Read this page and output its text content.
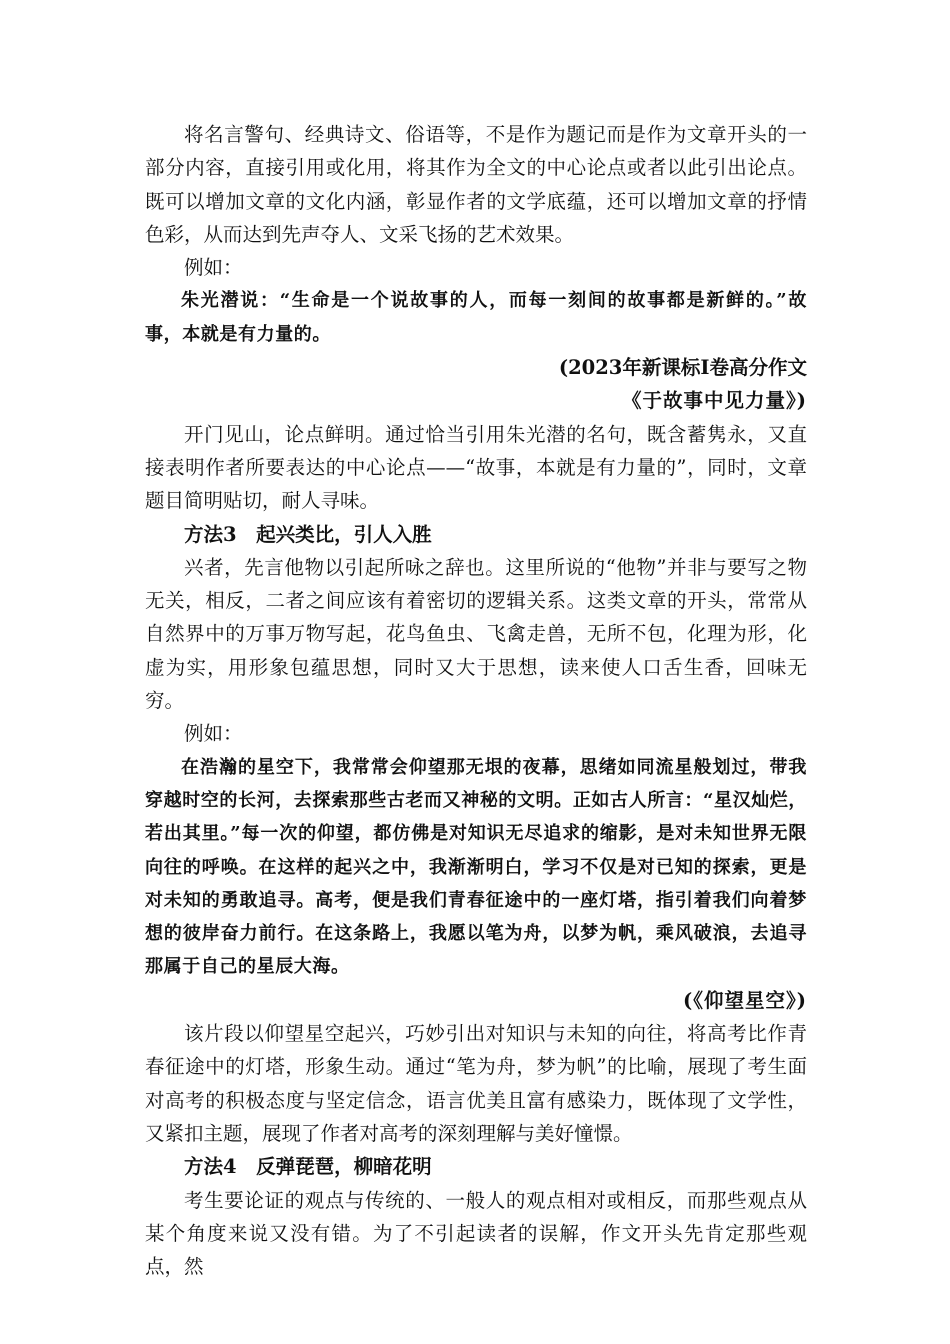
将名言警句、经典诗文、俗语等，不是作为题记而是作为文章开头的一部分内容，直接引用或化用，将其作为全文的中心论点或者以此引出论点。既可以增加文章的文化内涵，彰显作者的文学底蕴，还可以增加文章的抒情色彩，从而达到先声夺人、文采飞扬的艺术效果。

例如：

朱光潜说：“生命是一个说故事的人，而每一刻间的故事都是新鲜的。”故事，本就是有力量的。

(2023年新课标Ⅰ卷高分作文

《于故事中见力量》)

开门见山，论点鲜明。通过恰当引用朱光潜的名句，既含蓄隽永，又直接表明作者所要表达的中心论点——“故事，本就是有力量的”，同时，文章题目简明贴切，耐人寻味。

方法3 起兴类比，引人入胜

兴者，先言他物以引起所咏之辞也。这里所说的“他物”并非与要写之物无关，相反，二者之间应该有着密切的逻辑关系。这类文章的开头，常常从自然界中的万事万物写起，花鸟鱼虫、飞禽走兽，无所不包，化理为形，化虚为实，用形象包蕴思想，同时又大于思想，读来使人口舌生香，回味无穷。

例如：

在浩瀚的星空下，我常常会仰望那无垠的夜幕，思绪如同流星般划过，带我穿越时空的长河，去探索那些古老而又神秘的文明。正如古人所言：“星汉灿烂，若出其里。”每一次的仰望，都仿佛是对知识无尽追求的缩影，是对未知世界无限向往的呼唤。在这样的起兴之中，我渐渐明白，学习不仅是对已知的探索，更是对未知的勇敢追寻。高考，便是我们青春征途中的一座灯塔，指引着我们向着梦想的彼岸奋力前行。在这条路上，我愿以笔为舟，以梦为帆，乘风破浪，去追寻那属于自己的星辰大海。

(《仰望星空》)

该片段以仰望星空起兴，巧妙引出对知识与未知的向往，将高考比作青春征途中的灯塔，形象生动。通过“笔为舟，梦为帆”的比喻，展现了考生面对高考的积极态度与坚定信念，语言优美且富有感染力，既体现了文学性，又紧扣主题，展现了作者对高考的深刻理解与美好憧憬。

方法4 反弹琵琶，柳暗花明

考生要论证的观点与传统的、一般人的观点相对或相反，而那些观点从某个角度来说又没有错。为了不引起读者的误解，作文开头先肯定那些观点，然
